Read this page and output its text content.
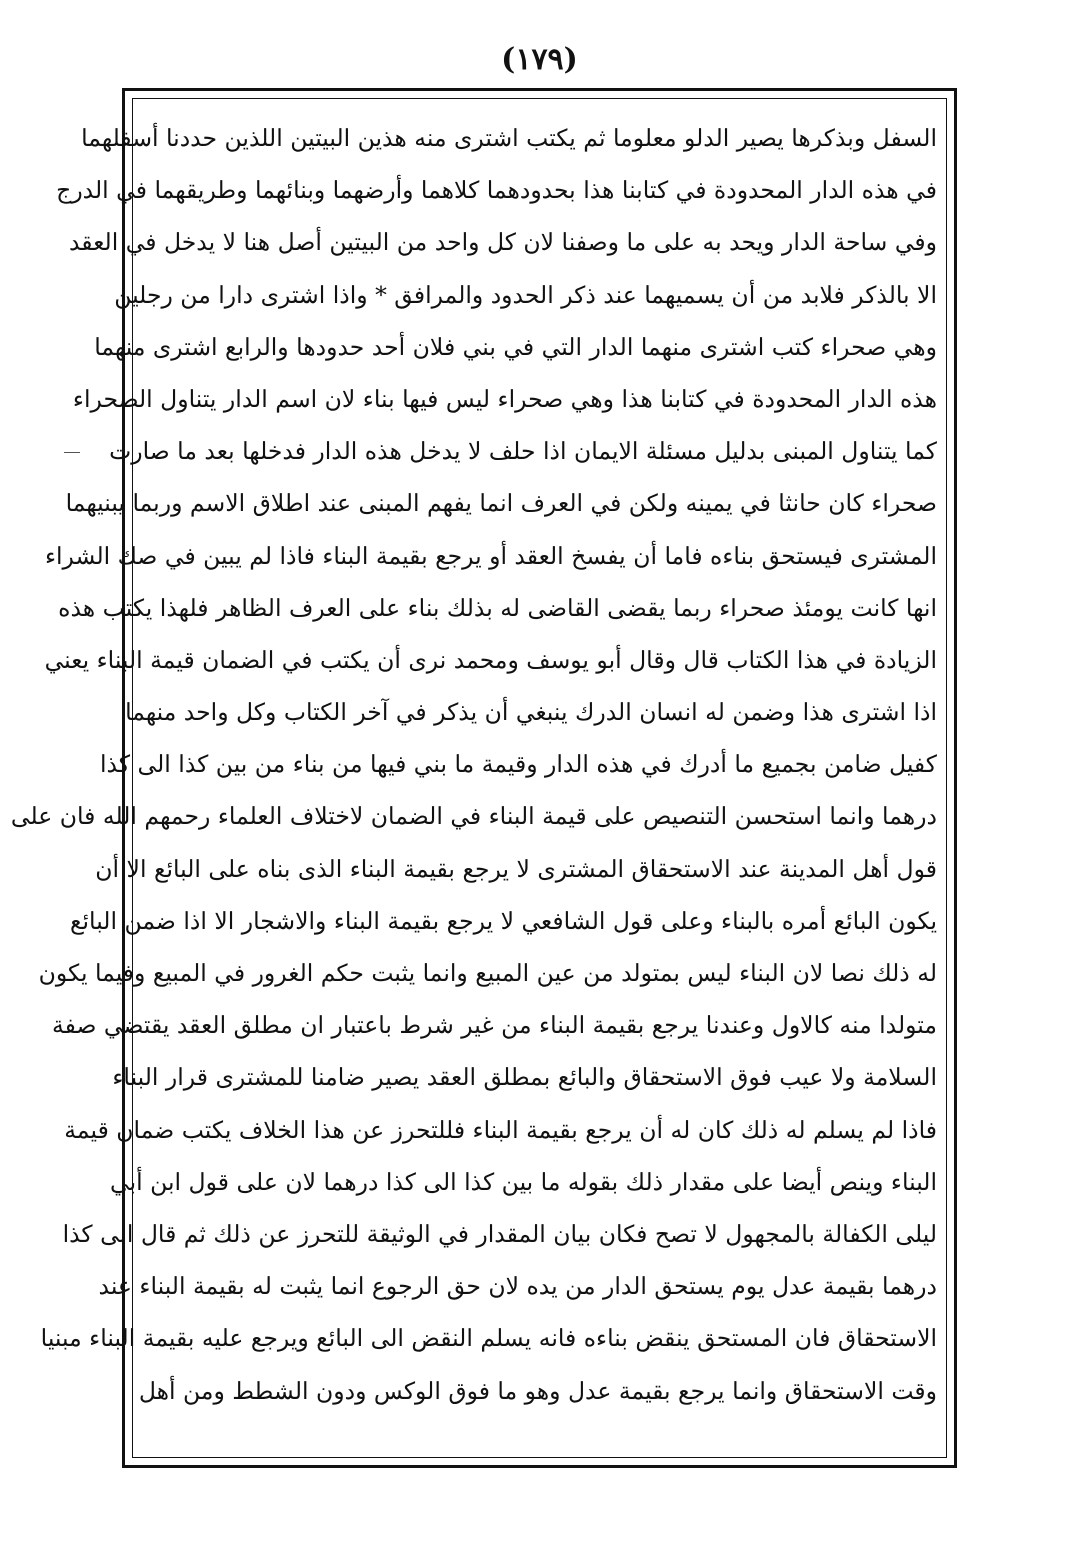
(١٧٩)
السفل وبذكرها يصير الدلو معلوما ثم يكتب اشترى منه هذين البيتين اللذين حددنا أسفلهما
في هذه الدار المحدودة في كتابنا هذا بحدودهما كلاهما وأرضهما وبنائهما وطريقهما في الدرج
وفي ساحة الدار ويحد به على ما وصفنا لان كل واحد من البيتين أصل هنا لا يدخل في العقد
الا بالذكر فلابد من أن يسميهما عند ذكر الحدود والمرافق * واذا اشترى دارا من رجلين
وهي صحراء كتب اشترى منهما الدار التي في بني فلان أحد حدودها والرابع اشترى منهما
هذه الدار المحدودة في كتابنا هذا وهي صحراء ليس فيها بناء لان اسم الدار يتناول الصحراء
كما يتناول المبنى بدليل مسئلة الايمان اذا حلف لا يدخل هذه الدار فدخلها بعد ما صارت
صحراء كان حانثا في يمينه ولكن في العرف انما يفهم المبنى عند اطلاق الاسم وربما يبنيهما
المشترى فيستحق بناءه فاما أن يفسخ العقد أو يرجع بقيمة البناء فاذا لم يبين في صك الشراء
انها كانت يومئذ صحراء ربما يقضى القاضى له بذلك بناء على العرف الظاهر فلهذا يكتب هذه
الزيادة في هذا الكتاب قال وقال أبو يوسف ومحمد نرى أن يكتب في الضمان قيمة البناء يعني
اذا اشترى هذا وضمن له انسان الدرك ينبغي أن يذكر في آخر الكتاب وكل واحد منهما
كفيل ضامن بجميع ما أدرك في هذه الدار وقيمة ما بني فيها من بناء من بين كذا الى كذا
درهما وانما استحسن التنصيص على قيمة البناء في الضمان لاختلاف العلماء رحمهم الله فان على
قول أهل المدينة عند الاستحقاق المشترى لا يرجع بقيمة البناء الذى بناه على البائع الا أن
يكون البائع أمره بالبناء وعلى قول الشافعي لا يرجع بقيمة البناء والاشجار الا اذا ضمن البائع
له ذلك نصا لان البناء ليس بمتولد من عين المبيع وانما يثبت حكم الغرور في المبيع وفيما يكون
متولدا منه كالاول وعندنا يرجع بقيمة البناء من غير شرط باعتبار ان مطلق العقد يقتضي صفة
السلامة ولا عيب فوق الاستحقاق والبائع بمطلق العقد يصير ضامنا للمشترى قرار البناء
فاذا لم يسلم له ذلك كان له أن يرجع بقيمة البناء فللتحرز عن هذا الخلاف يكتب ضمان قيمة
البناء وينص أيضا على مقدار ذلك بقوله ما بين كذا الى كذا درهما لان على قول ابن أبي
ليلى الكفالة بالمجهول لا تصح فكان بيان المقدار في الوثيقة للتحرز عن ذلك ثم قال الى كذا
درهما بقيمة عدل يوم يستحق الدار من يده لان حق الرجوع انما يثبت له بقيمة البناء عند
الاستحقاق فان المستحق ينقض بناءه فانه يسلم النقض الى البائع ويرجع عليه بقيمة البناء مبنيا
وقت الاستحقاق وانما يرجع بقيمة عدل وهو ما فوق الوكس ودون الشطط ومن أهل
